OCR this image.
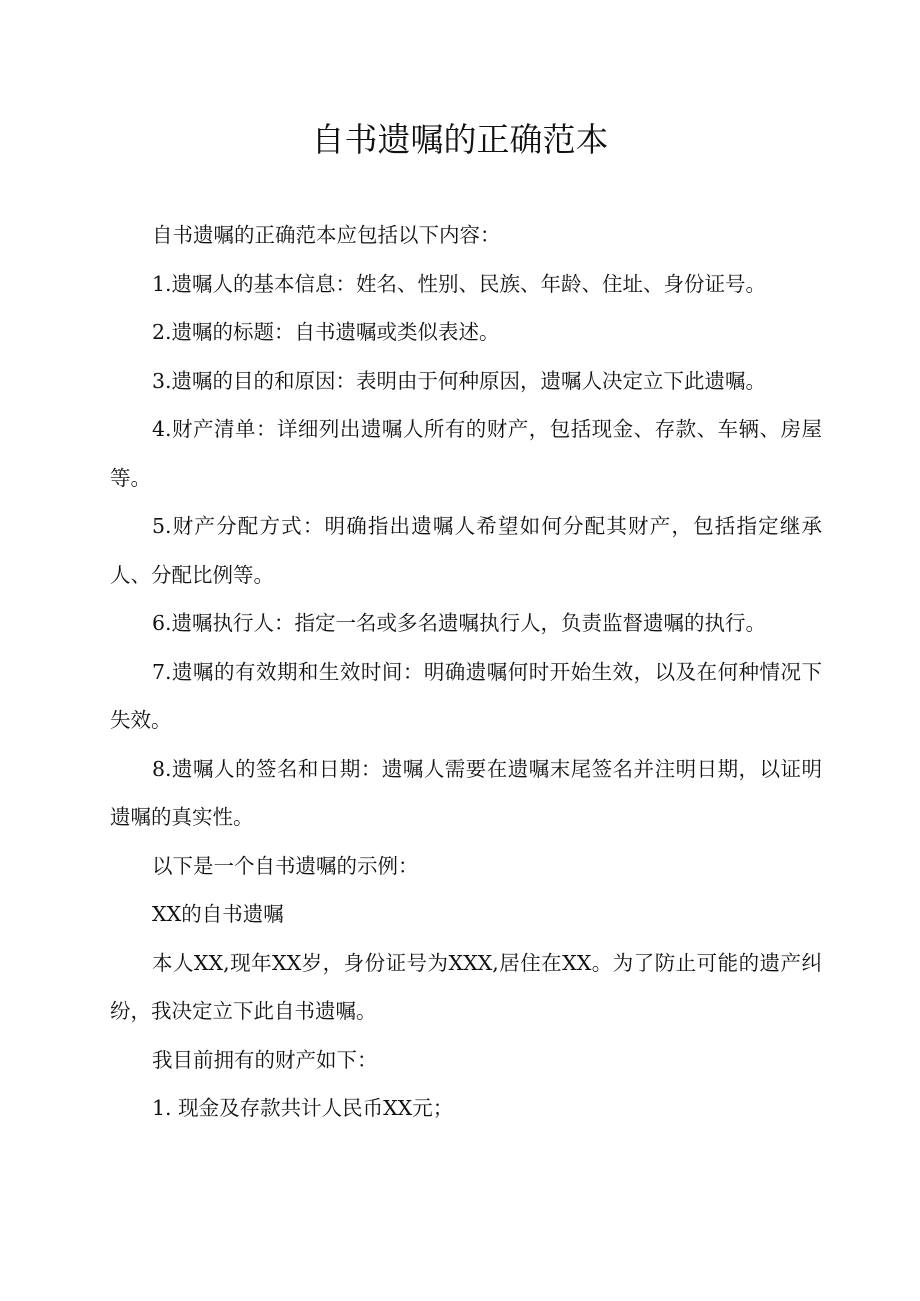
自书遗嘱的正确范本

自书遗嘱的正确范本应包括以下内容：

1.遗嘱人的基本信息：姓名、性别、民族、年龄、住址、身份证号。

2.遗嘱的标题：自书遗嘱或类似表述。

3.遗嘱的目的和原因：表明由于何种原因，遗嘱人决定立下此遗嘱。

4.财产清单：详细列出遗嘱人所有的财产，包括现金、存款、车辆、房屋等。

5.财产分配方式：明确指出遗嘱人希望如何分配其财产，包括指定继承人、分配比例等。

6.遗嘱执行人：指定一名或多名遗嘱执行人，负责监督遗嘱的执行。

7.遗嘱的有效期和生效时间：明确遗嘱何时开始生效，以及在何种情况下失效。

8.遗嘱人的签名和日期：遗嘱人需要在遗嘱末尾签名并注明日期，以证明遗嘱的真实性。

以下是一个自书遗嘱的示例：

XX的自书遗嘱

本人XX,现年XX岁，身份证号为XXX,居住在XX。为了防止可能的遗产纠纷，我决定立下此自书遗嘱。

我目前拥有的财产如下：

1. 现金及存款共计人民币XX元；
